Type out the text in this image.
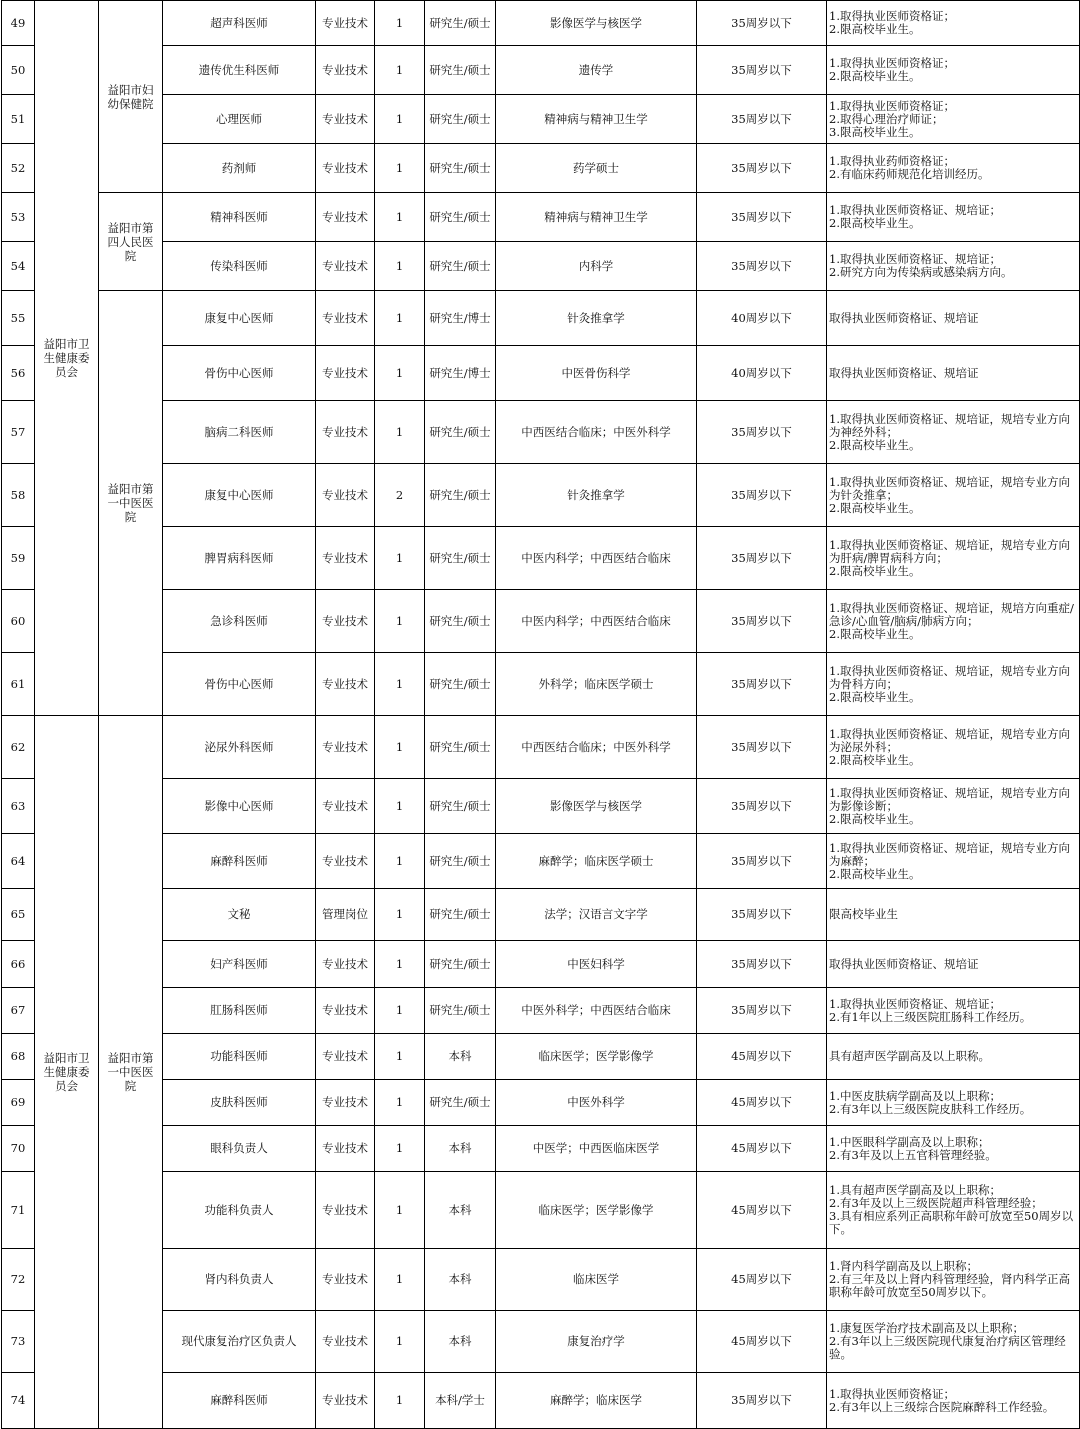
49	益阳市卫生健康委员会	益阳市妇幼保健院	超声科医师	专业技术	1	研究生/硕士	影像医学与核医学	35周岁以下	1.取得执业医师资格证；
2.限高校毕业生。
50			遗传优生科医师	专业技术	1	研究生/硕士	遗传学	35周岁以下	1.取得执业医师资格证；
2.限高校毕业生。
51			心理医师	专业技术	1	研究生/硕士	精神病与精神卫生学	35周岁以下	1.取得执业医师资格证；
2.取得心理治疗师证；
3.限高校毕业生。
52			药剂师	专业技术	1	研究生/硕士	药学硕士	35周岁以下	1.取得执业药师资格证；
2.有临床药师规范化培训经历。
53		益阳市第四人民医院	精神科医师	专业技术	1	研究生/硕士	精神病与精神卫生学	35周岁以下	1.取得执业医师资格证、规培证；
2.限高校毕业生。
54			传染科医师	专业技术	1	研究生/硕士	内科学	35周岁以下	1.取得执业医师资格证、规培证；
2.研究方向为传染病或感染病方向。
55		益阳市第一中医医院	康复中心医师	专业技术	1	研究生/博士	针灸推拿学	40周岁以下	取得执业医师资格证、规培证
56			骨伤中心医师	专业技术	1	研究生/博士	中医骨伤科学	40周岁以下	取得执业医师资格证、规培证
57			脑病二科医师	专业技术	1	研究生/硕士	中西医结合临床；中医外科学	35周岁以下	1.取得执业医师资格证、规培证，规培专业方向为神经外科；
2.限高校毕业生。
58			康复中心医师	专业技术	2	研究生/硕士	针灸推拿学	35周岁以下	1.取得执业医师资格证、规培证，规培专业方向为针灸推拿；
2.限高校毕业生。
59			脾胃病科医师	专业技术	1	研究生/硕士	中医内科学；中西医结合临床	35周岁以下	1.取得执业医师资格证、规培证，规培专业方向为肝病/脾胃病科方向；
2.限高校毕业生。
60			急诊科医师	专业技术	1	研究生/硕士	中医内科学；中西医结合临床	35周岁以下	1.取得执业医师资格证、规培证，规培方向重症/急诊/心血管/脑病/肺病方向；
2.限高校毕业生。
61			骨伤中心医师	专业技术	1	研究生/硕士	外科学；临床医学硕士	35周岁以下	1.取得执业医师资格证、规培证，规培专业方向为骨科方向；
2.限高校毕业生。
62	益阳市卫生健康委员会	益阳市第一中医医院	泌尿外科医师	专业技术	1	研究生/硕士	中西医结合临床；中医外科学	35周岁以下	1.取得执业医师资格证、规培证，规培专业方向为泌尿外科；
2.限高校毕业生。
63			影像中心医师	专业技术	1	研究生/硕士	影像医学与核医学	35周岁以下	1.取得执业医师资格证、规培证，规培专业方向为影像诊断；
2.限高校毕业生。
64			麻醉科医师	专业技术	1	研究生/硕士	麻醉学；临床医学硕士	35周岁以下	1.取得执业医师资格证、规培证，规培专业方向为麻醉；
2.限高校毕业生。
65			文秘	管理岗位	1	研究生/硕士	法学；汉语言文字学	35周岁以下	限高校毕业生
66			妇产科医师	专业技术	1	研究生/硕士	中医妇科学	35周岁以下	取得执业医师资格证、规培证
67			肛肠科医师	专业技术	1	研究生/硕士	中医外科学；中西医结合临床	35周岁以下	1.取得执业医师资格证、规培证；
2.有1年以上三级医院肛肠科工作经历。
68			功能科医师	专业技术	1	本科	临床医学；医学影像学	45周岁以下	具有超声医学副高及以上职称。
69			皮肤科医师	专业技术	1	研究生/硕士	中医外科学	45周岁以下	1.中医皮肤病学副高及以上职称；
2.有3年以上三级医院皮肤科工作经历。
70			眼科负责人	专业技术	1	本科	中医学；中西医临床医学	45周岁以下	1.中医眼科学副高及以上职称；
2.有3年及以上五官科管理经验。
71			功能科负责人	专业技术	1	本科	临床医学；医学影像学	45周岁以下	1.具有超声医学副高及以上职称；
2.有3年及以上三级医院超声科管理经验；
3.具有相应系列正高职称年龄可放宽至50周岁以下。
72			肾内科负责人	专业技术	1	本科	临床医学	45周岁以下	1.肾内科学副高及以上职称；
2.有三年及以上肾内科管理经验，肾内科学正高职称年龄可放宽至50周岁以下。
73			现代康复治疗区负责人	专业技术	1	本科	康复治疗学	45周岁以下	1.康复医学治疗技术副高及以上职称；
2.有3年以上三级医院现代康复治疗病区管理经验。
74			麻醉科医师	专业技术	1	本科/学士	麻醉学；临床医学	35周岁以下	1.取得执业医师资格证；
2.有3年以上三级综合医院麻醉科工作经验。
